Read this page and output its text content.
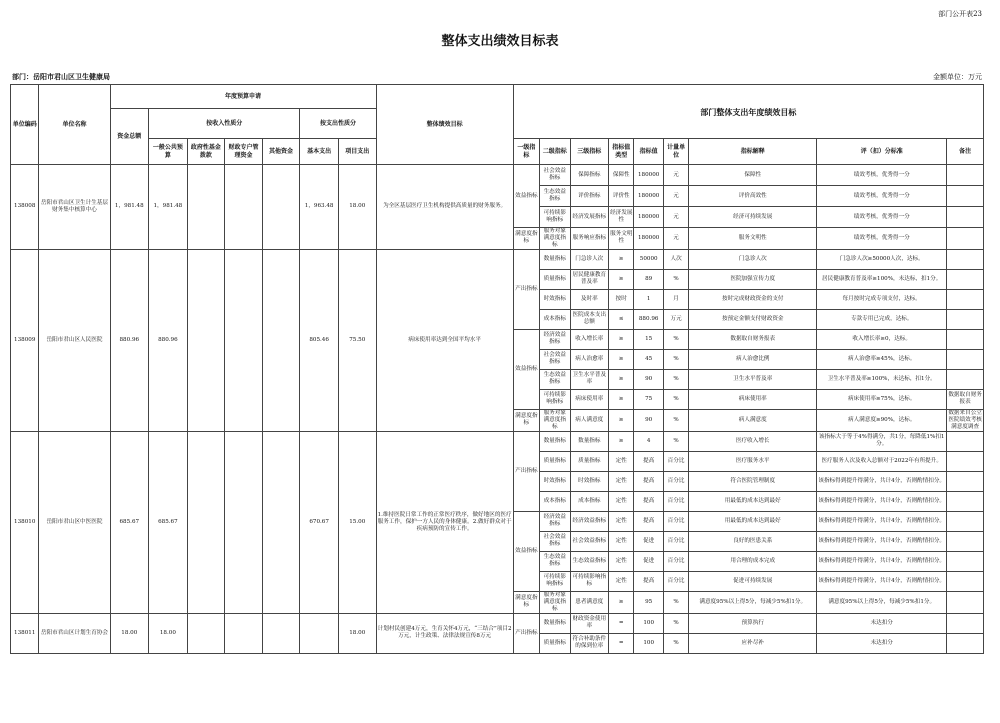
部门公开表23
整体支出绩效目标表
部门：岳阳市君山区卫生健康局	金额单位：万元
单位编码	单位名称	年度预算申请							整体绩效目标	部门整体支出年度绩效目标								
		资金总额	按收入性质分				按支出性质分											
			一般公共预算	政府性基金拨款	财政专户管理资金	其他资金	基本支出	项目支出		一级指标	二级指标	三级指标	指标值类型	指标值	计量单位	指标解释	评（扣）分标准	备注
138008	岳阳市君山区卫生计生基层财务集中核算中心	1，981.48	1，981.48				1，963.48	18.00	为全区基层医疗卫生机构提供高质量的财务服务。	效益指标	社会效益指标	保障指标	保障性	180000	元	保障性	绩效考核，优秀得一分	
											生态效益指标	评价指标	评价性	180000	元	评价高效性	绩效考核，优秀得一分	
											可持续影响指标	经济发展指标	经济发展性	180000	元	经济可持续发展	绩效考核，优秀得一分	
										满意度指标	服务对象满意度指标	服务响应指标	服务文明性	180000	元	服务文明性	绩效考核，优秀得一分	
138009	岳阳市君山区人民医院	880.96	880.96				805.46	75.50	病床使用率达到全国平均水平	产出指标	数量指标	门急诊人次	≥	50000	人次	门急诊人次	门急诊人次≥50000人次，达标。	
											质量指标	居民健康教育普及率	≥	89	%	医院加强宣传力度	居民健康教育普及率≥100%，未达标，扣1分。	
											时效指标	及时率	按时	1	月	按时完成财政资金的支付	每月按时完成专项支付，达标。	
											成本指标	医院成本支出总额	≤	880.96	万元	按预定金额支付财政资金	专款专用已完成，达标。	
										效益指标	经济效益指标	收入增长率	≥	15	%	数据取自财务报表	收入增长率≥0，达标。	
											社会效益指标	病人治愈率	≥	45	%	病人治愈比例	病人治愈率≥45%，达标。	
											生态效益指标	卫生水平普及率	≥	90	%	卫生水平普及率	卫生水平普及率≥100%，未达标，扣1分。	
											可持续影响指标	病床使用率	≥	75	%	病床使用率	病床使用率≥75%，达标。	数据取自财务报表
										满意度指标	服务对象满意度指标	病人满意度	≥	90	%	病人满意度	病人满意度≥90%，达标。	数据来自公立医院绩效考核满意度调查
138010	岳阳市君山区中医医院	685.67	685.67				670.67	15.00	1.维持医院日常工作的正常医疗秩序，做好地区的医疗服务工作，保护一方人民的身体健康。2.做好群众对于疾病预防的宣传工作。	产出指标	数量指标	数量指标	≥	4	%	医疗收入增长	该指标大于等于4%得满分，共1分，每降低1%扣1分。	
											质量指标	质量指标	定性	提高	百分比	医疗服务水平	医疗服务人次及收入总额对于2022年有所提升。	
											时效指标	时效指标	定性	提高	百分比	符合医院管理制度	该指标得到提升得满分，共计4分，否则酌情扣分。	
											成本指标	成本指标	定性	提高	百分比	用最低的成本达到最好	该指标得到提升得满分，共计4分，否则酌情扣分。	
										效益指标	经济效益指标	经济效益指标	定性	提高	百分比	用最低的成本达到最好	该指标得到提升得满分，共计4分，否则酌情扣分。	
											社会效益指标	社会效益指标	定性	促进	百分比	良好的医患关系	该指标得到提升得满分，共计4分，否则酌情扣分。	
											生态效益指标	生态效益指标	定性	促进	百分比	用合理的成本完成	该指标得到提升得满分，共计4分，否则酌情扣分。	
											可持续影响指标	可持续影响指标	定性	提高	百分比	促进可持续发展	该指标得到提升得满分，共计4分，否则酌情扣分。	
										满意度指标	服务对象满意度指标	患者满意度	≥	95	%	满意度95%以上得5分，每减少5%扣1分。	满意度95%以上得5分，每减少5%扣1分。	
138011	岳阳市君山区计划生育协会	18.00	18.00					18.00	计划村民创建4万元，生育关怀4万元，“三结合”项目2万元，计生政策、法律法规宣传8万元	产出指标	数量指标	财政资金使用率	=	100	%	预算执行	未达扣分	
											质量指标	符合补助条件的保到位率	=	100	%	应补尽补	未达扣分	
